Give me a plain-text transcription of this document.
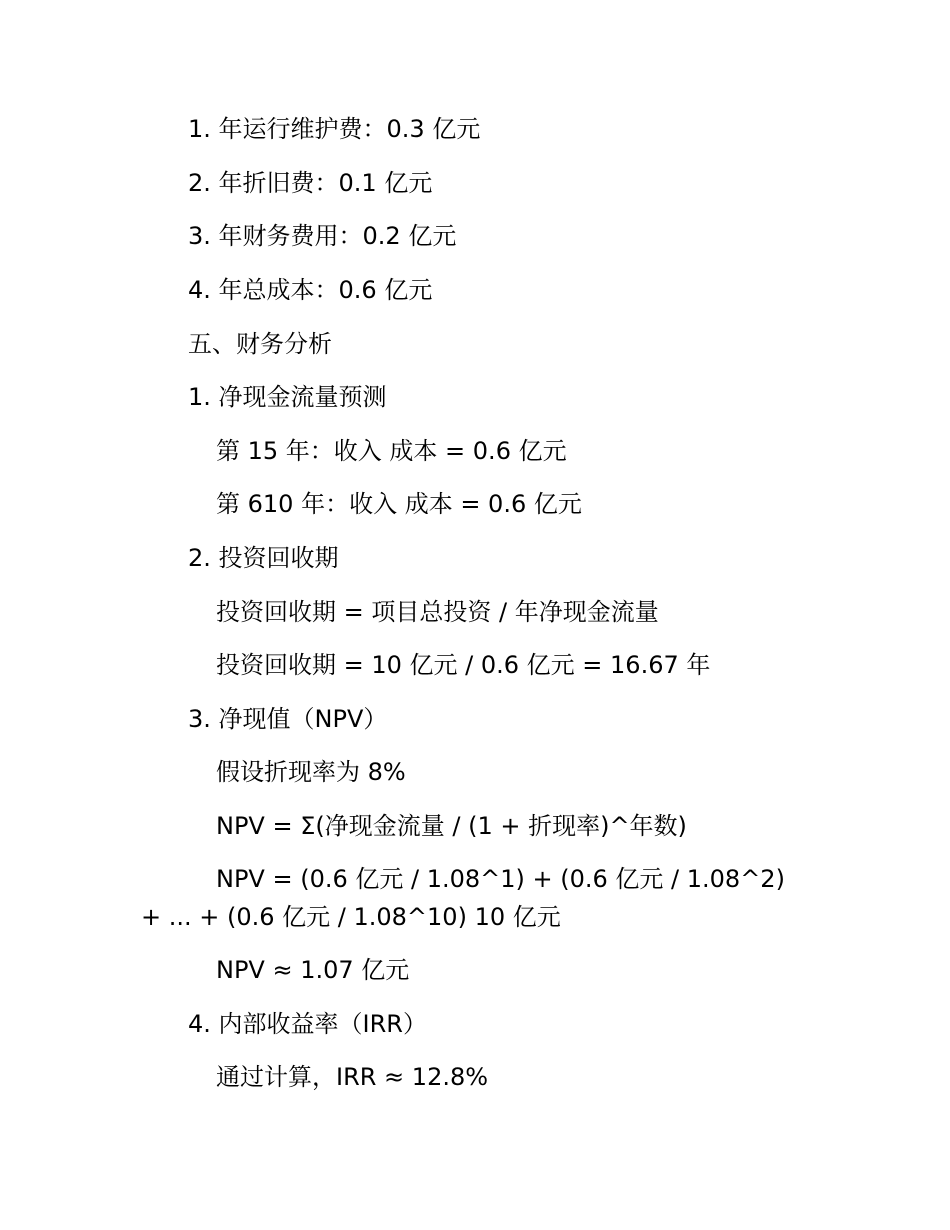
1. 年运行维护费：0.3 亿元
2. 年折旧费：0.1 亿元
3. 年财务费用：0.2 亿元
4. 年总成本：0.6 亿元
五、财务分析
1. 净现金流量预测
第 15 年：收入 成本 = 0.6 亿元
第 610 年：收入 成本 = 0.6 亿元
2. 投资回收期
投资回收期 = 项目总投资 / 年净现金流量
投资回收期 = 10 亿元 / 0.6 亿元 = 16.67 年
3. 净现值（NPV）
假设折现率为 8%
NPV = Σ(净现金流量 / (1 + 折现率)^年数)
NPV = (0.6 亿元 / 1.08^1) + (0.6 亿元 / 1.08^2)
+ ... + (0.6 亿元 / 1.08^10) 10 亿元
NPV ≈ 1.07 亿元
4. 内部收益率（IRR）
通过计算，IRR ≈ 12.8%
